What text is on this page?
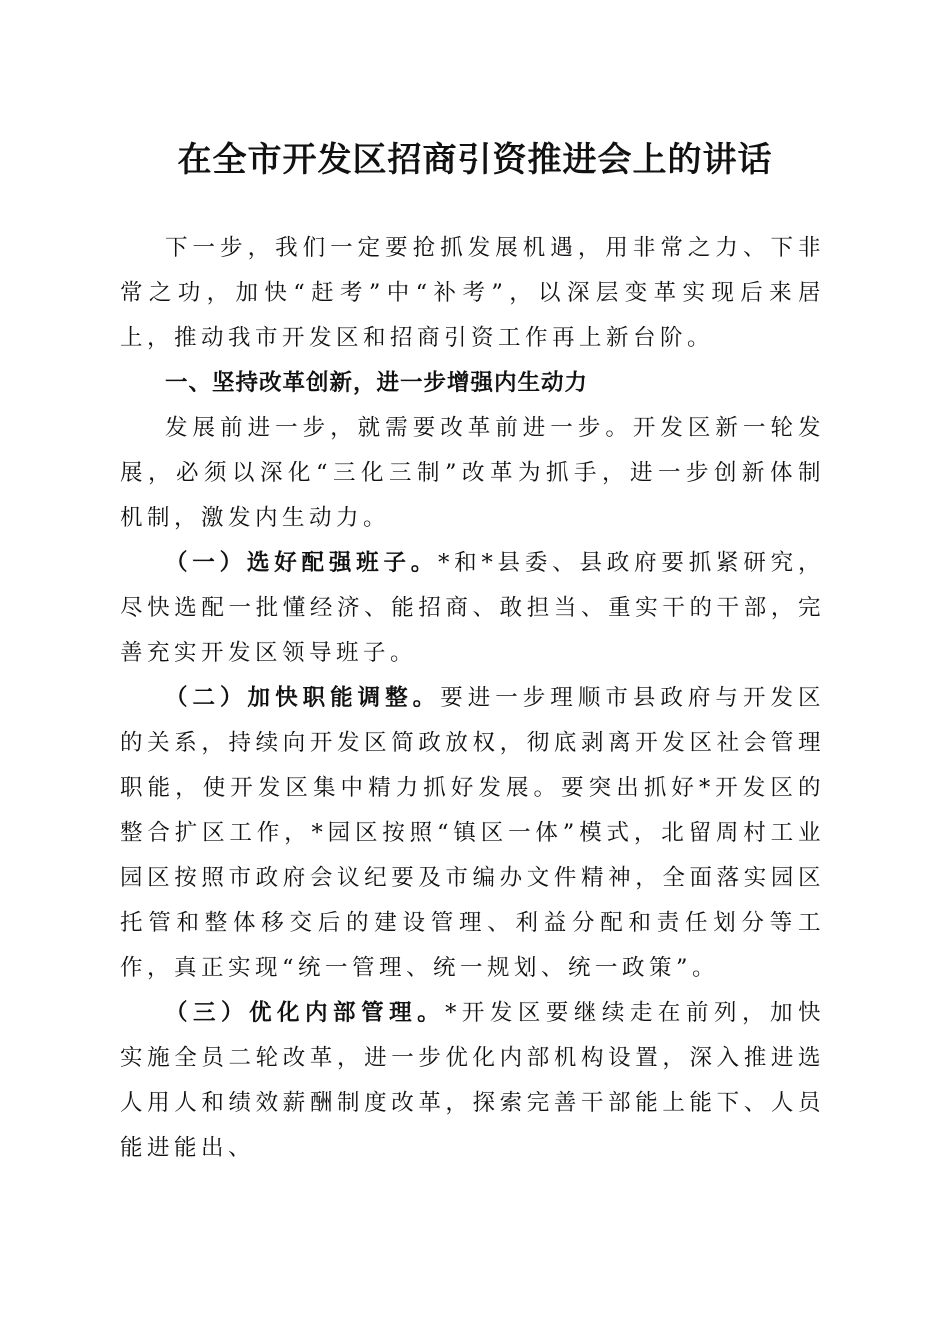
在全市开发区招商引资推进会上的讲话

下一步，我们一定要抢抓发展机遇，用非常之力、下非常之功，加快“赶考”中“补考”，以深层变革实现后来居上，推动我市开发区和招商引资工作再上新台阶。

一、坚持改革创新，进一步增强内生动力

发展前进一步，就需要改革前进一步。开发区新一轮发展，必须以深化“三化三制”改革为抓手，进一步创新体制机制，激发内生动力。

（一）选好配强班子。*和*县委、县政府要抓紧研究，尽快选配一批懂经济、能招商、敢担当、重实干的干部，完善充实开发区领导班子。

（二）加快职能调整。要进一步理顺市县政府与开发区的关系，持续向开发区简政放权，彻底剥离开发区社会管理职能，使开发区集中精力抓好发展。要突出抓好*开发区的整合扩区工作，*园区按照“镇区一体”模式，北留周村工业园区按照市政府会议纪要及市编办文件精神，全面落实园区托管和整体移交后的建设管理、利益分配和责任划分等工作，真正实现“统一管理、统一规划、统一政策”。

（三）优化内部管理。*开发区要继续走在前列，加快实施全员二轮改革，进一步优化内部机构设置，深入推进选人用人和绩效薪酬制度改革，探索完善干部能上能下、人员能进能出、
